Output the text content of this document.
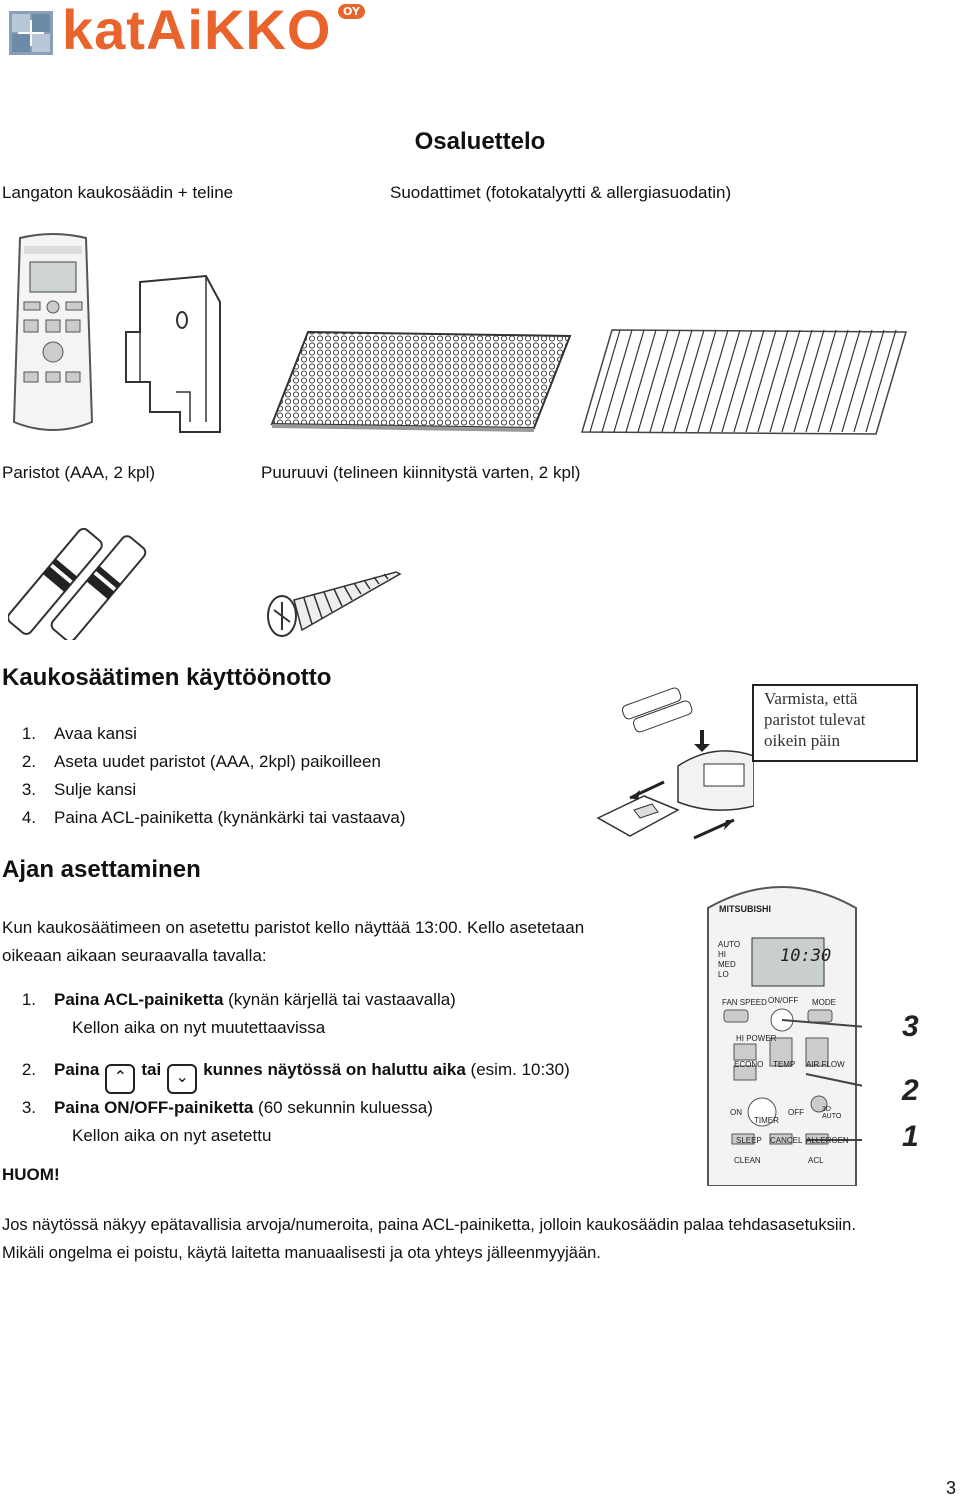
katAiKKO	OY
Osaluettelo
Langaton kaukosäädin + teline	Suodattimet (fotokatalyytti & allergiasuodatin)
Paristot (AAA, 2 kpl)	Puuruuvi (telineen kiinnitystä varten, 2 kpl)
Kaukosäätimen käyttöönotto
1. Avaa kansi
2. Aseta uudet paristot (AAA, 2kpl) paikoilleen
3. Sulje kansi
4. Paina ACL-painiketta (kynänkärki tai vastaava)
Varmista, että
paristot tulevat
oikein päin
Ajan asettaminen
Kun kaukosäätimeen on asetettu paristot kello näyttää 13:00. Kello asetetaan
oikeaan aikaan seuraavalla tavalla:
1. Paina ACL-painiketta (kynän kärjellä tai vastaavalla)
Kellon aika on nyt muutettaavissa
2. Paina ⌃ tai ⌄ kunnes näytössä on haluttu aika (esim. 10:30)
3. Paina ON/OFF-painiketta (60 sekunnin kuluessa)
Kellon aika on nyt asetettu
MITSUBISHI
10:30
AUTO
HI
MED
LO
FAN SPEED ON/OFF MODE
HI POWER
ECONO TEMP AIR FLOW
ON	OFF
TIMER
3D AUTO
SLEEP CANCEL ALLERGEN
CLEAN	ACL
3
2
1
HUOM!
Jos näytössä näkyy epätavallisia arvoja/numeroita, paina ACL-painiketta, jolloin kaukosäädin palaa tehdasasetuksiin.
Mikäli ongelma ei poistu, käytä laitetta manuaalisesti ja ota yhteys jälleenmyyjään.
3
